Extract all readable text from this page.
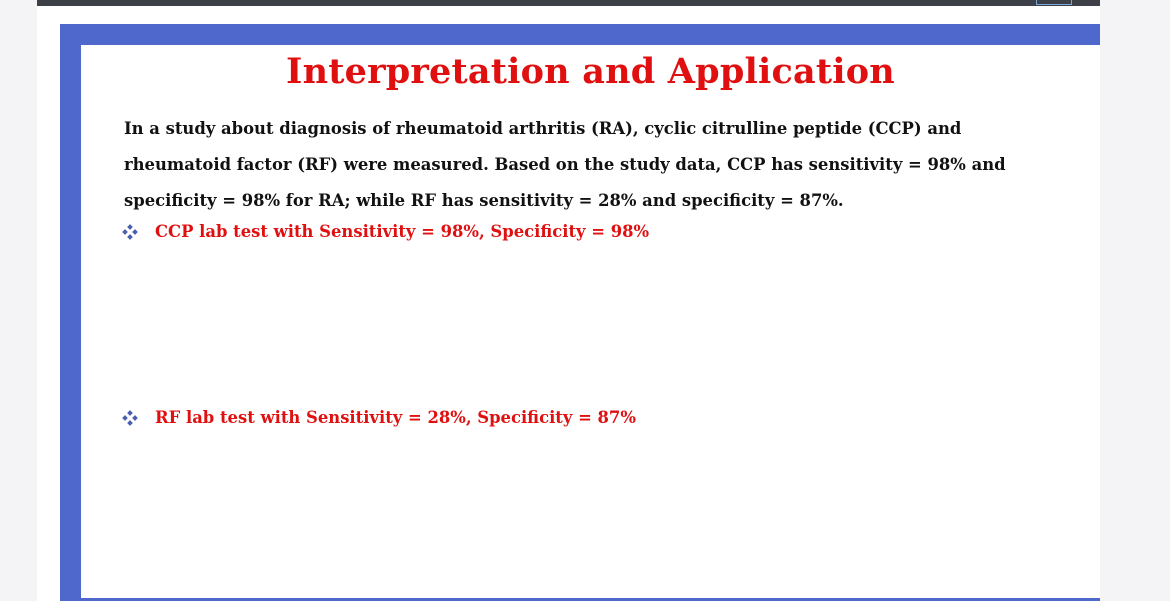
Interpretation and Application

In a study about diagnosis of rheumatoid arthritis (RA), cyclic citrulline peptide (CCP) and rheumatoid factor (RF) were measured. Based on the study data, CCP has sensitivity = 98% and specificity = 98% for RA; while RF has sensitivity = 28% and specificity = 87%.

CCP lab test with Sensitivity = 98%, Specificity = 98%
RF lab test with Sensitivity = 28%, Specificity = 87%
